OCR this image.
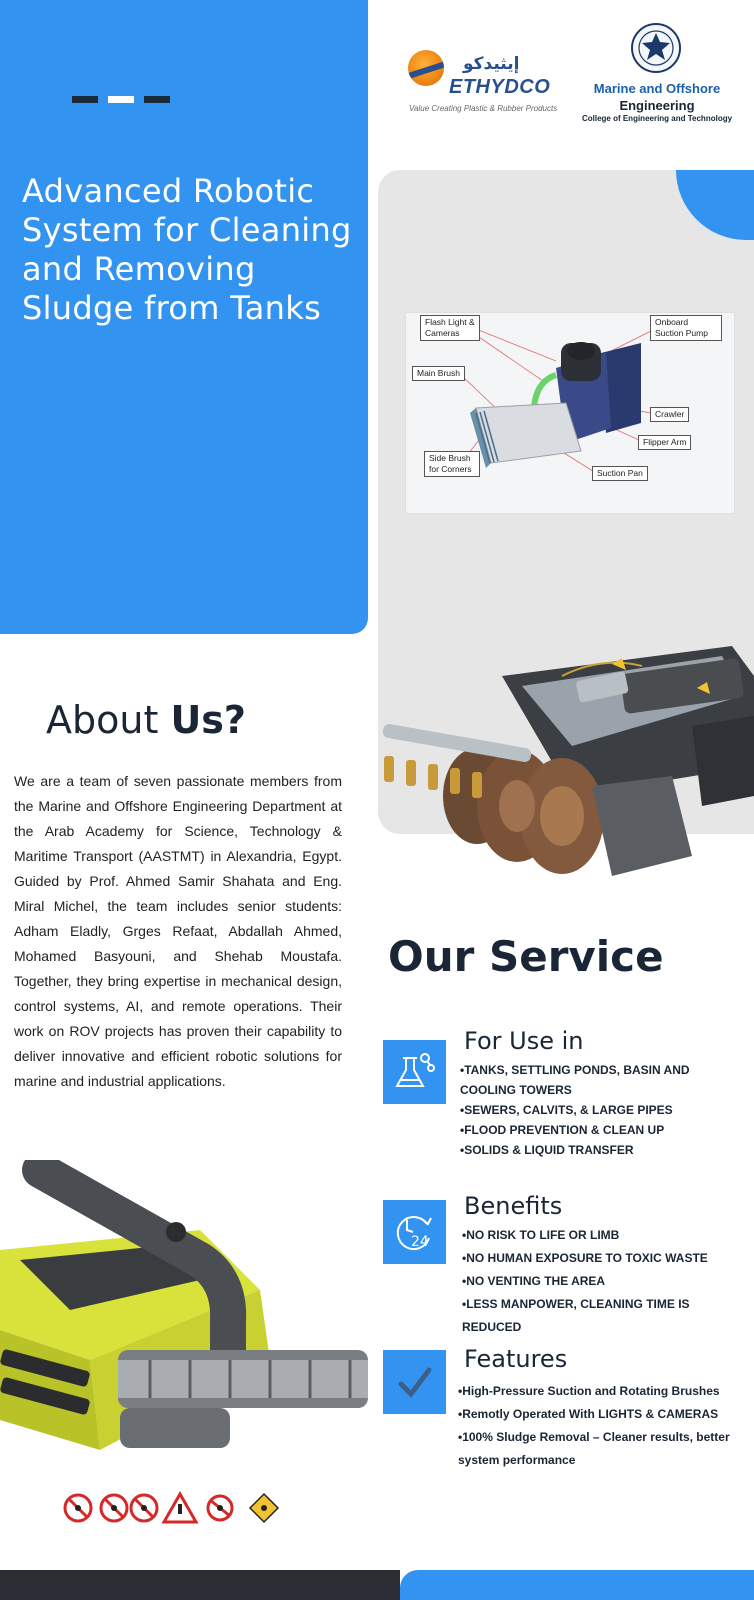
Advanced Robotic System for Cleaning and Removing Sludge from Tanks
إيثيدكو
ETHYDCO
Value Creating Plastic & Rubber Products
Marine and Offshore
Engineering
College of Engineering and Technology
Flash Light & Cameras
Main Brush
Side Brush for Corners
Onboard Suction Pump
Crawler
Flipper Arm
Suction Pan
About Us?

We are a team of seven passionate members from the Marine and Offshore Engineering Department at the Arab Academy for Science, Technology & Maritime Transport (AASTMT) in Alexandria, Egypt. Guided by Prof. Ahmed Samir Shahata and Eng. Miral Michel, the team includes senior students: Adham Eladly, Grges Refaat, Abdallah Ahmed, Mohamed Basyouni, and Shehab Moustafa. Together, they bring expertise in mechanical design, control systems, AI, and remote operations. Their work on ROV projects has proven their capability to deliver innovative and efficient robotic solutions for marine and industrial applications.

Our Service
For Use in
•TANKS, SETTLING PONDS, BASIN AND COOLING TOWERS
•SEWERS, CALVITS, & LARGE PIPES
•FLOOD PREVENTION & CLEAN UP
•SOLIDS & LIQUID TRANSFER
24
Benefits
•NO RISK TO LIFE OR LIMB
•NO HUMAN EXPOSURE TO TOXIC WASTE
•NO VENTING THE AREA
•LESS MANPOWER, CLEANING TIME IS REDUCED
Features
•High-Pressure Suction and Rotating Brushes
•Remotly Operated With LIGHTS & CAMERAS
•100% Sludge Removal – Cleaner results, better system performance
